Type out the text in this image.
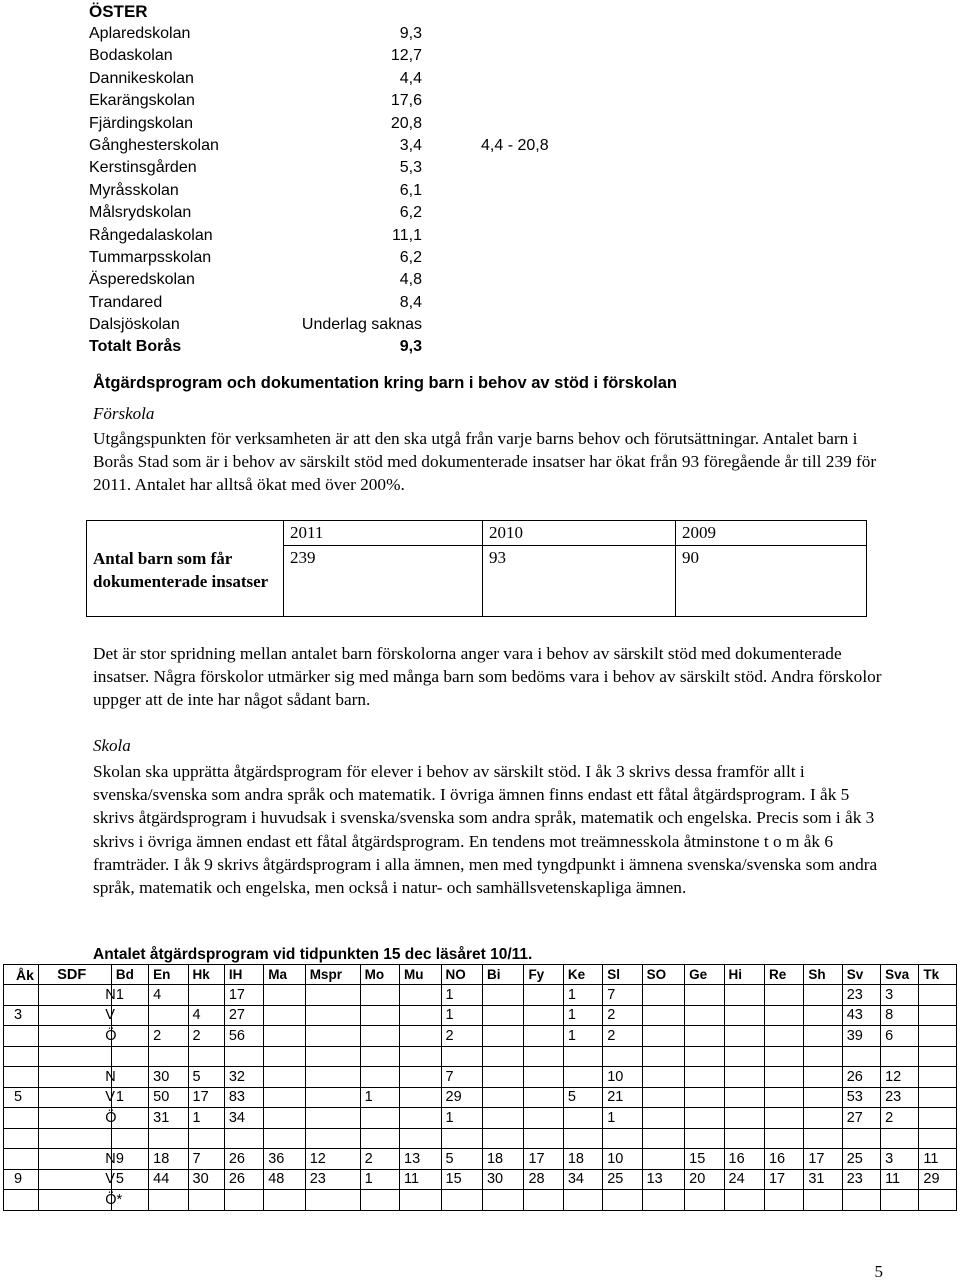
ÖSTER
Aplaredskolan	9,3
Bodaskolan	12,7
Dannikeskolan	4,4
Ekarängskolan	17,6
Fjärdingskolan	20,8
Gånghesterskolan	3,4	4,4 - 20,8
Kerstinsgården	5,3
Myråsskolan	6,1
Målsrydskolan	6,2
Rångedalaskolan	11,1
Tummarpsskolan	6,2
Äsperedskolan	4,8
Trandared	8,4
Dalsjöskolan	Underlag saknas
Totalt Borås	9,3
Åtgärdsprogram och dokumentation kring barn i behov av stöd i förskolan
Förskola
Utgångspunkten för verksamheten är att den ska utgå från varje barns behov och förutsättningar. Antalet barn i Borås Stad som är i behov av särskilt stöd med dokumenterade insatser har ökat från 93 föregående år till 239 för 2011. Antalet har alltså ökat med över 200%.
Antal barn som får dokumenterade insatser	2011	2010	2009
	239	93	90
Det är stor spridning mellan antalet barn förskolorna anger vara i behov av särskilt stöd med dokumenterade insatser. Några förskolor utmärker sig med många barn som bedöms vara i behov av särskilt stöd. Andra förskolor uppger att de inte har något sådant barn.
Skola
Skolan ska upprätta åtgärdsprogram för elever i behov av särskilt stöd. I åk 3 skrivs dessa framför allt i svenska/svenska som andra språk och matematik. I övriga ämnen finns endast ett fåtal åtgärdsprogram. I åk 5 skrivs åtgärdsprogram i huvudsak i svenska/svenska som andra språk, matematik och engelska. Precis som i åk 3 skrivs i övriga ämnen endast ett fåtal åtgärdsprogram. En tendens mot treämnesskola åtminstone t o m åk 6 framträder. I åk 9 skrivs åtgärdsprogram i alla ämnen, men med tyngdpunkt i ämnena svenska/svenska som andra språk, matematik och engelska, men också i natur- och samhällsvetenskapliga ämnen.
Antalet åtgärdsprogram vid tidpunkten 15 dec läsåret 10/11.
Åk	SDF	Bd	En	Hk	IH	Ma	Mspr	Mo	Mu	NO	Bi	Fy	Ke	Sl	SO	Ge	Hi	Re	Sh	Sv	Sva	Tk
	N	1	4		17					1			1	7						23	3	
3	V			4	27					1			1	2						43	8	
	Ö		2	2	56					2			1	2						39	6	

	N		30	5	32					7				10						26	12	
5	V	1	50	17	83			1		29			5	21						53	23	
	Ö		31	1	34					1				1						27	2	

	N	9	18	7	26	36	12	2	13	5	18	17	18	10		15	16	16	17	25	3	11
9	V	5	44	30	26	48	23	1	11	15	30	28	34	25	13	20	24	17	31	23	11	29
	Ö*																					
5
